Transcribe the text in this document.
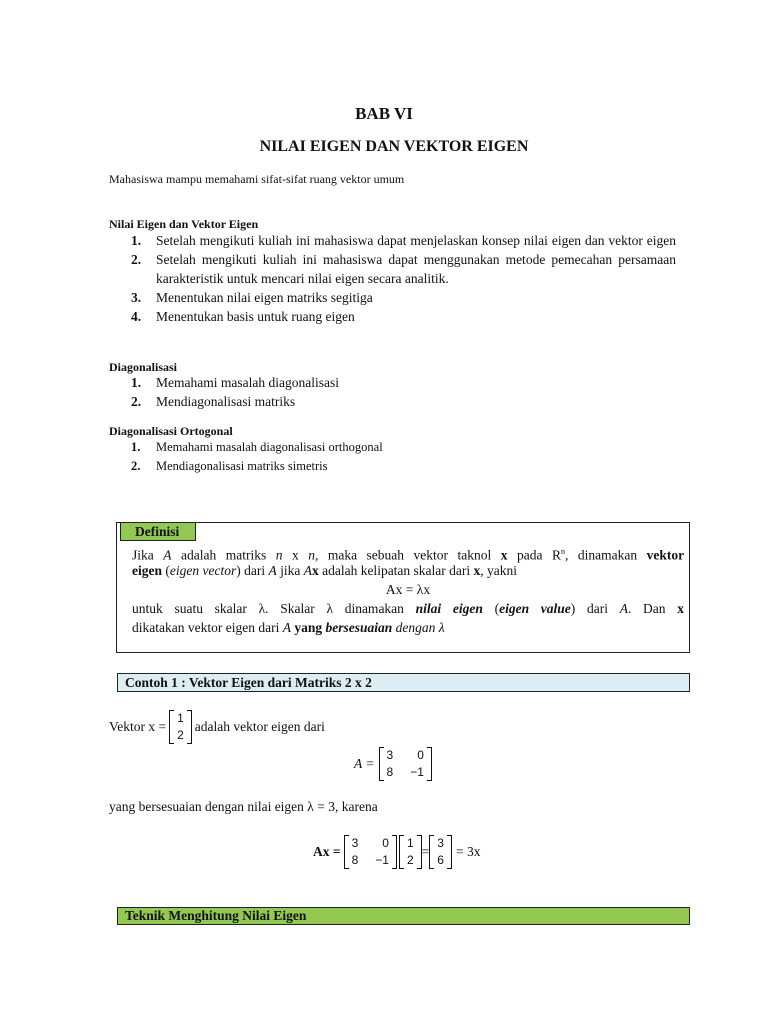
BAB VI
NILAI EIGEN DAN VEKTOR EIGEN
Mahasiswa mampu memahami sifat-sifat ruang vektor umum
Nilai Eigen dan Vektor Eigen
1. Setelah mengikuti kuliah ini mahasiswa dapat menjelaskan konsep nilai eigen dan vektor eigen
2. Setelah mengikuti kuliah ini mahasiswa dapat menggunakan metode pemecahan persamaan karakteristik untuk mencari nilai eigen secara analitik.
3. Menentukan nilai eigen matriks segitiga
4. Menentukan basis untuk ruang eigen
Diagonalisasi
1. Memahami masalah diagonalisasi
2. Mendiagonalisasi matriks
Diagonalisasi Ortogonal
1. Memahami masalah diagonalisasi orthogonal
2. Mendiagonalisasi matriks simetris
Definisi
Jika A adalah matriks n x n, maka sebuah vektor taknol x pada $R^n$, dinamakan vektor
eigen (eigen vector) dari A jika Ax adalah kelipatan skalar dari x, yakni
Ax = λx
untuk suatu skalar λ. Skalar λ dinamakan nilai eigen (eigen value) dari A. Dan x
dikatakan vektor eigen dari A yang bersesuaian dengan λ
Contoh 1 : Vektor Eigen dari Matriks 2 x 2
Vektor x =
1
2
adalah vektor eigen dari
A =
3	0
8	−1
yang bersesuaian dengan nilai eigen λ = 3, karena
Ax =
3	0
8	−1
1
2
=
3
6
= 3x
Teknik Menghitung Nilai Eigen
